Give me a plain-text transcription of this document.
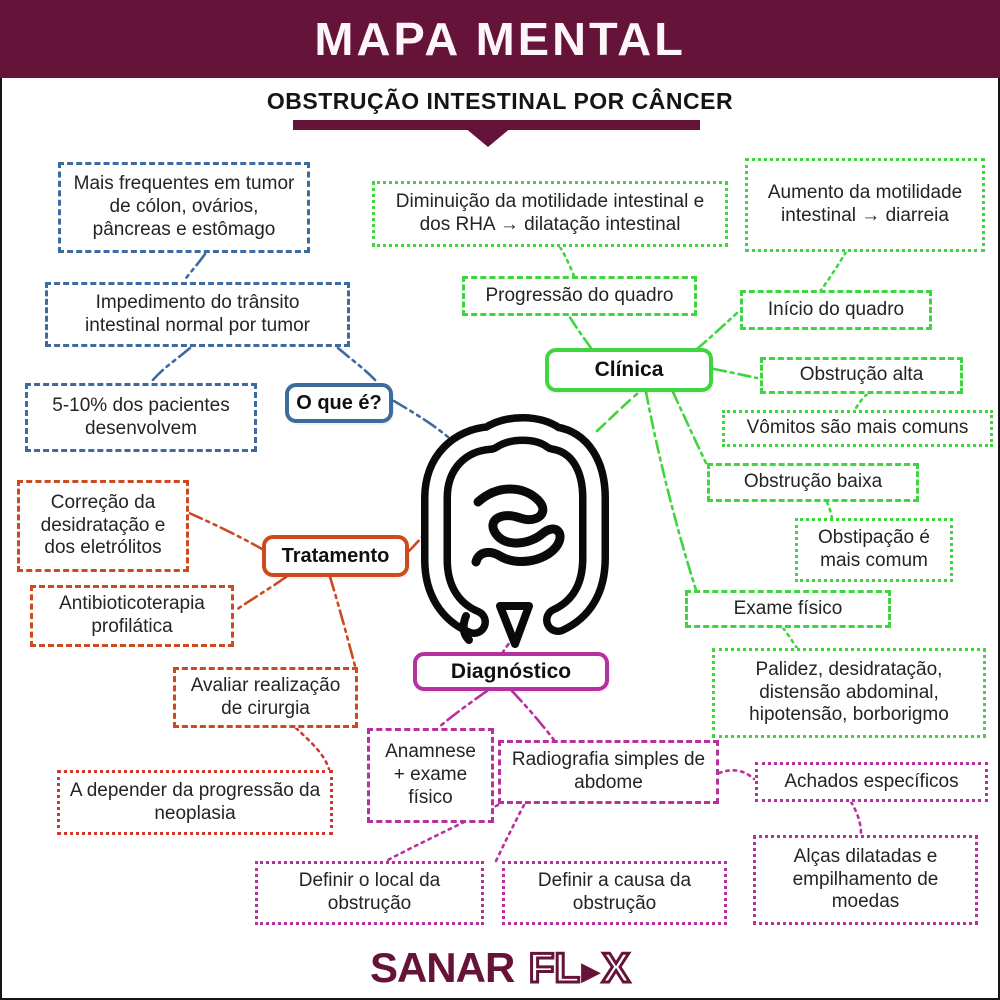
MAPA MENTAL
OBSTRUÇÃO INTESTINAL POR CÂNCER
Mais frequentes em tumor de cólon, ovários, pâncreas e estômago
Impedimento do trânsito intestinal normal por tumor
5-10% dos pacientes desenvolvem
O que é?
Diminuição da motilidade intestinal e dos RHA → dilatação intestinal
Aumento da motilidade intestinal → diarreia
Progressão do quadro
Início do quadro
Clínica	Obstrução alta
Vômitos são mais comuns
Obstrução baixa
Obstipação é mais comum
Exame físico
Palidez, desidratação, distensão abdominal, hipotensão, borborigmo
Correção da desidratação e dos eletrólitos	Tratamento
Antibioticoterapia profilática
Avaliar realização de cirurgia
A depender da progressão da neoplasia
Diagnóstico
Anamnese + exame físico
Radiografia simples de abdome	Achados específicos
Alças dilatadas e empilhamento de moedas
Definir o local da obstrução
Definir a causa da obstrução
SANAR FL▶X
